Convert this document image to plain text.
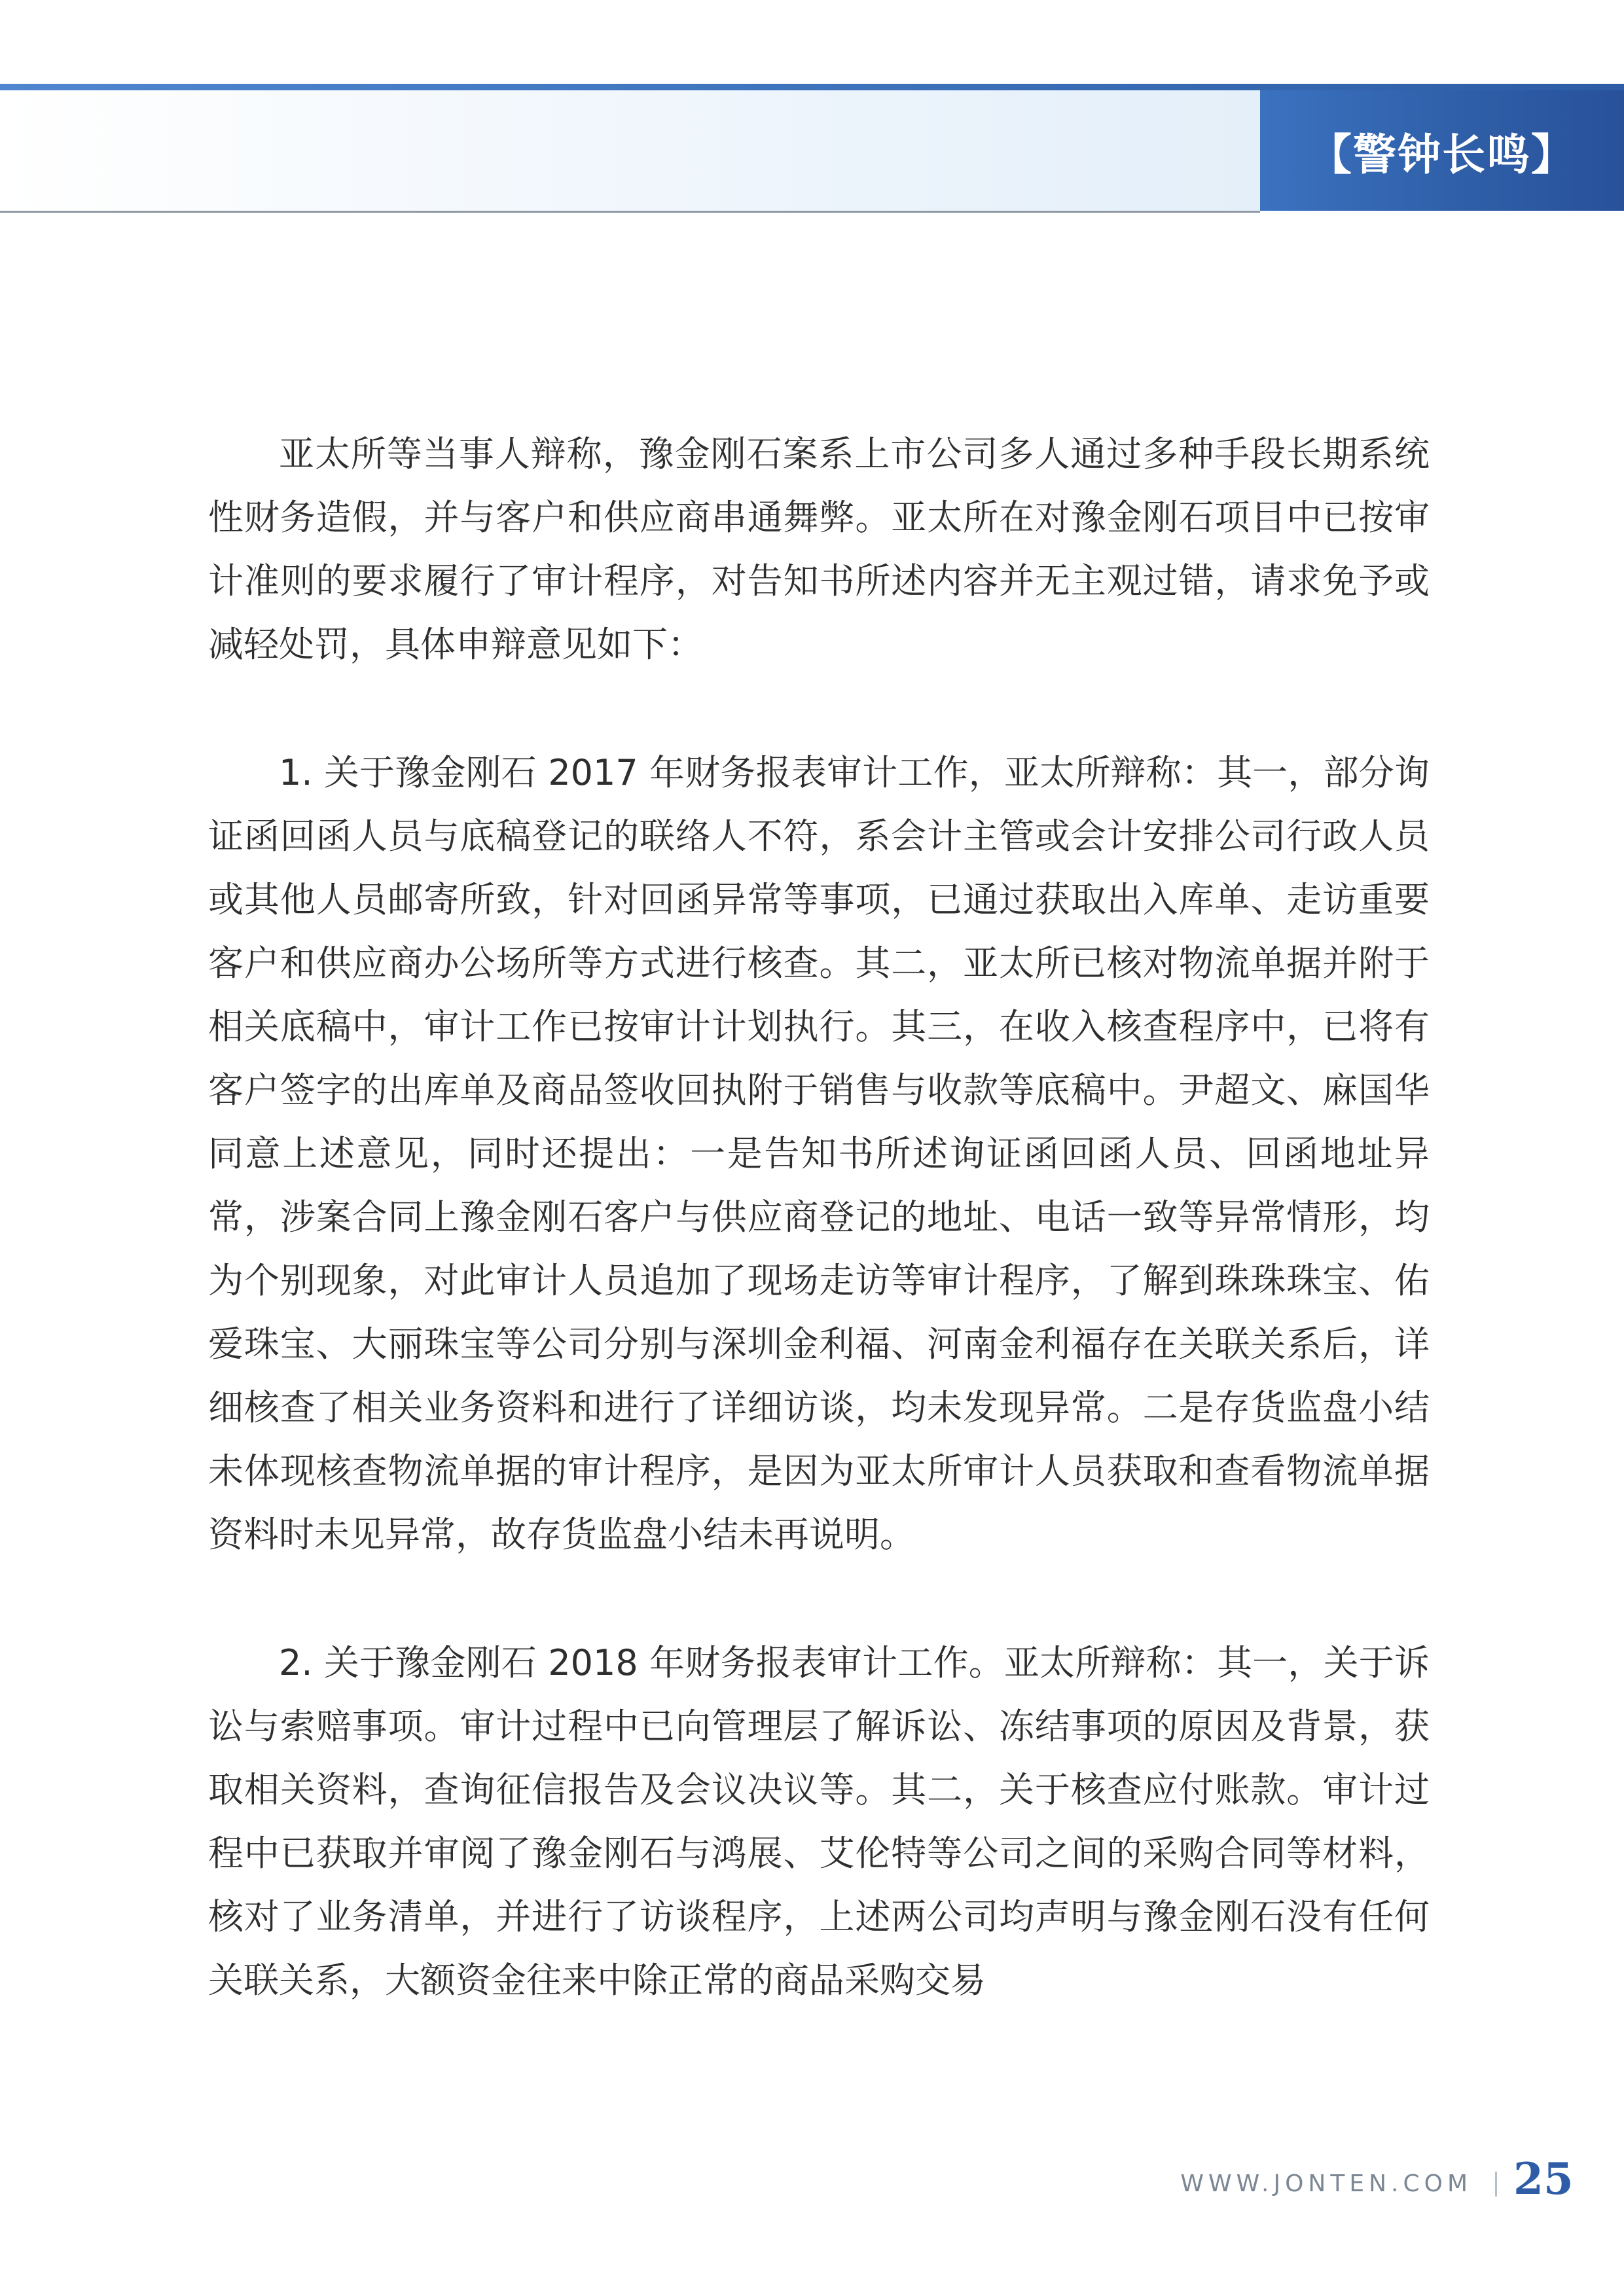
【警钟长鸣】

亚太所等当事人辩称，豫金刚石案系上市公司多人通过多种手段长期系统性财务造假，并与客户和供应商串通舞弊。亚太所在对豫金刚石项目中已按审计准则的要求履行了审计程序，对告知书所述内容并无主观过错，请求免予或减轻处罚，具体申辩意见如下：

1. 关于豫金刚石 2017 年财务报表审计工作，亚太所辩称：其一，部分询证函回函人员与底稿登记的联络人不符，系会计主管或会计安排公司行政人员或其他人员邮寄所致，针对回函异常等事项，已通过获取出入库单、走访重要客户和供应商办公场所等方式进行核查。其二，亚太所已核对物流单据并附于相关底稿中，审计工作已按审计计划执行。其三，在收入核查程序中，已将有客户签字的出库单及商品签收回执附于销售与收款等底稿中。尹超文、麻国华同意上述意见，同时还提出：一是告知书所述询证函回函人员、回函地址异常，涉案合同上豫金刚石客户与供应商登记的地址、电话一致等异常情形，均为个别现象，对此审计人员追加了现场走访等审计程序，了解到珠珠珠宝、佑爱珠宝、大丽珠宝等公司分别与深圳金利福、河南金利福存在关联关系后，详细核查了相关业务资料和进行了详细访谈，均未发现异常。二是存货监盘小结未体现核查物流单据的审计程序，是因为亚太所审计人员获取和查看物流单据资料时未见异常，故存货监盘小结未再说明。

2. 关于豫金刚石 2018 年财务报表审计工作。亚太所辩称：其一，关于诉讼与索赔事项。审计过程中已向管理层了解诉讼、冻结事项的原因及背景，获取相关资料，查询征信报告及会议决议等。其二，关于核查应付账款。审计过程中已获取并审阅了豫金刚石与鸿展、艾伦特等公司之间的采购合同等材料，核对了业务清单，并进行了访谈程序，上述两公司均声明与豫金刚石没有任何关联关系，大额资金往来中除正常的商品采购交易

WWW.JONTEN.COM 25
